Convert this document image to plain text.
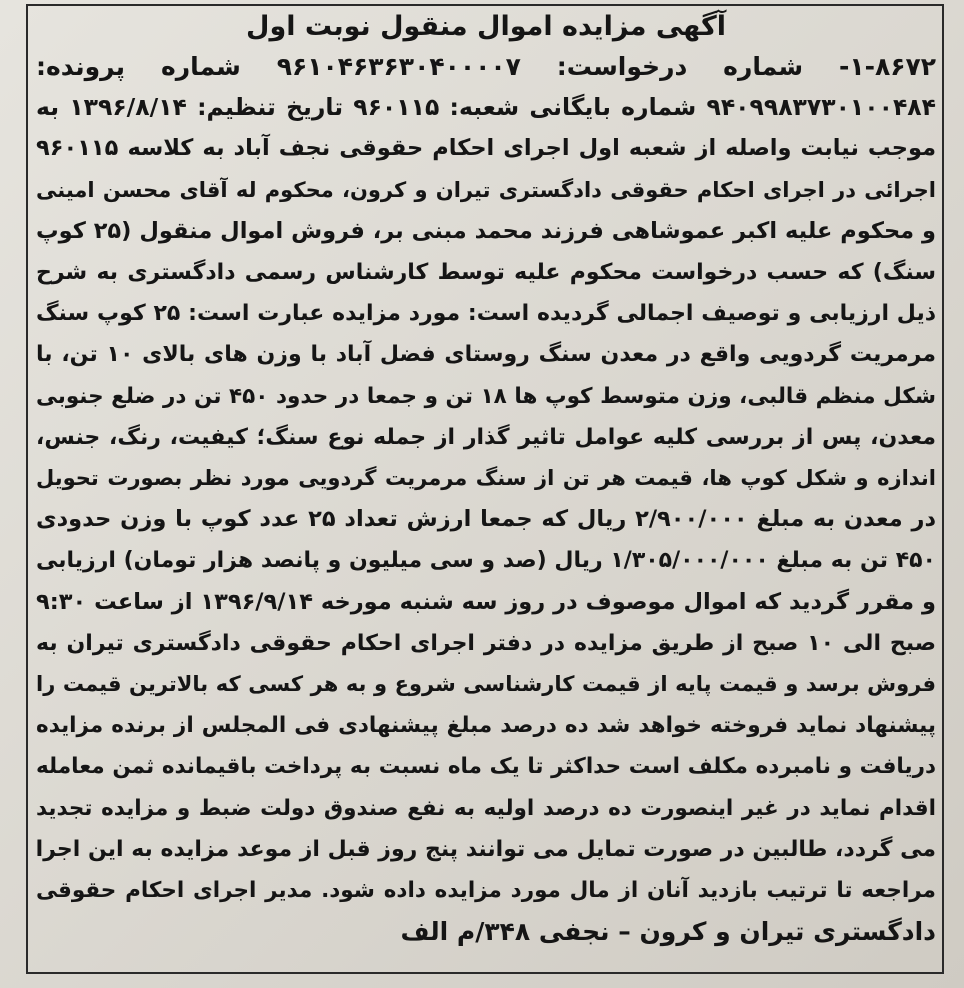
آگهی مزایده اموال منقول نوبت اول
۱-۸۶۷۲- شماره درخواست: ۹۶۱۰۴۶۳۶۳۰۴۰۰۰۰۷ شماره پرونده:
۹۴۰۹۹۸۳۷۳۰۱۰۰۴۸۴ شماره بایگانی شعبه: ۹۶۰۱۱۵ تاریخ تنظیم: ۱۳۹۶/۸/۱۴ به
موجب نیابت واصله از شعبه اول اجرای احکام حقوقی نجف آباد به کلاسه ۹۶۰۱۱۵
اجرائی در اجرای احکام حقوقی دادگستری تیران و کرون، محکوم له آقای محسن امینی
و محکوم علیه اکبر عموشاهی فرزند محمد مبنی بر، فروش اموال منقول (۲۵ کوپ
سنگ) که حسب درخواست محکوم علیه توسط کارشناس رسمی دادگستری به شرح
ذیل ارزیابی و توصیف اجمالی گردیده است: مورد مزایده عبارت است: ۲۵ کوپ سنگ
مرمریت گردویی واقع در معدن سنگ روستای فضل آباد با وزن های بالای ۱۰ تن، با
شکل منظم قالبی، وزن متوسط کوپ ها ۱۸ تن و جمعا در حدود ۴۵۰ تن در ضلع جنوبی
معدن، پس از بررسی کلیه عوامل تاثیر گذار از جمله نوع سنگ؛ کیفیت، رنگ، جنس،
اندازه و شکل کوپ ها، قیمت هر تن از سنگ مرمریت گردویی مورد نظر بصورت تحویل
در معدن به مبلغ ۲/۹۰۰/۰۰۰ ریال که جمعا ارزش تعداد ۲۵ عدد کوپ با وزن حدودی
۴۵۰ تن به مبلغ ۱/۳۰۵/۰۰۰/۰۰۰ ریال (صد و سی میلیون و پانصد هزار تومان) ارزیابی
و مقرر گردید که اموال موصوف در روز سه شنبه مورخه ۱۳۹۶/۹/۱۴ از ساعت ۹:۳۰
صبح الی ۱۰ صبح از طریق مزایده در دفتر اجرای احکام حقوقی دادگستری تیران به
فروش برسد و قیمت پایه از قیمت کارشناسی شروع و به هر کسی که بالاترین قیمت را
پیشنهاد نماید فروخته خواهد شد ده درصد مبلغ پیشنهادی فی المجلس از برنده مزایده
دریافت و نامبرده مکلف است حداکثر تا یک ماه نسبت به پرداخت باقیمانده ثمن معامله
اقدام نماید در غیر اینصورت ده درصد اولیه به نفع صندوق دولت ضبط و مزایده تجدید
می گردد، طالبین در صورت تمایل می توانند پنج روز قبل از موعد مزایده به این اجرا
مراجعه تا ترتیب بازدید آنان از مال مورد مزایده داده شود. مدیر اجرای احکام حقوقی
دادگستری تیران و کرون – نجفی ۳۴۸/م الف
